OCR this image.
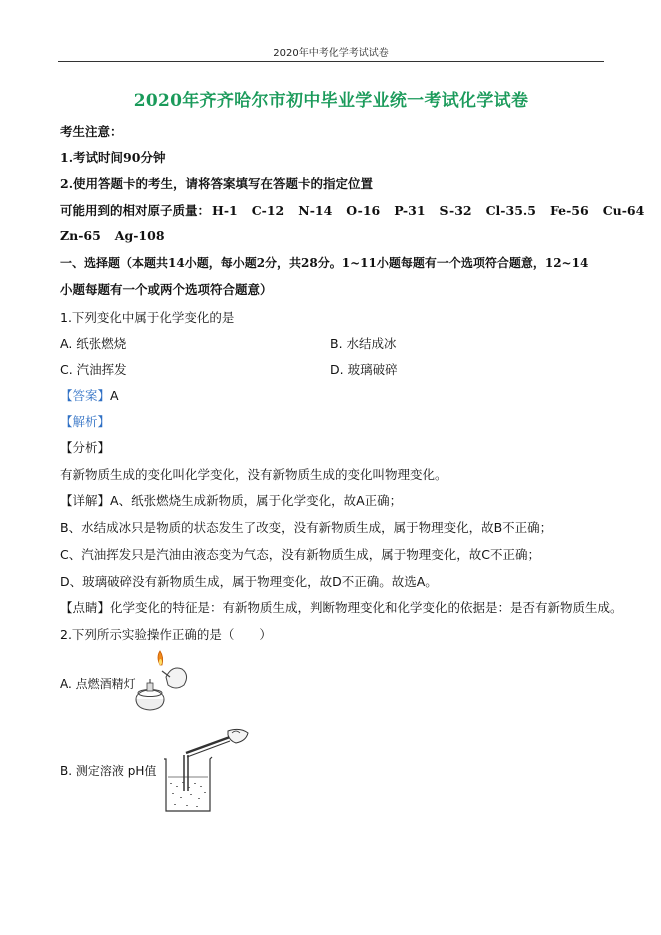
2020年中考化学考试试卷
2020年齐齐哈尔市初中毕业学业统一考试化学试卷
考生注意：
1.考试时间90分钟
2.使用答题卡的考生，请将答案填写在答题卡的指定位置
可能用到的相对原子质量： H-1 C-12 N-14 O-16 P-31 S-32 Cl-35.5 Fe-56 Cu-64
Zn-65 Ag-108
一、选择题（本题共14小题，每小题2分，共28分。1~11小题每题有一个选项符合题意，12~14
小题每题有一个或两个选项符合题意）
1.下列变化中属于化学变化的是
A. 纸张燃烧	B. 水结成冰
C. 汽油挥发	D. 玻璃破碎
【答案】A
【解析】
【分析】
有新物质生成的变化叫化学变化，没有新物质生成的变化叫物理变化。
【详解】A、纸张燃烧生成新物质，属于化学变化，故A正确；
B、水结成冰只是物质的状态发生了改变，没有新物质生成，属于物理变化，故B不正确；
C、汽油挥发只是汽油由液态变为气态，没有新物质生成，属于物理变化，故C不正确；
D、玻璃破碎没有新物质生成，属于物理变化，故D不正确。故选A。
【点睛】化学变化的特征是：有新物质生成，判断物理变化和化学变化的依据是：是否有新物质生成。
2.下列所示实验操作正确的是（　　）
A. 点燃酒精灯
B. 测定溶液 pH值
